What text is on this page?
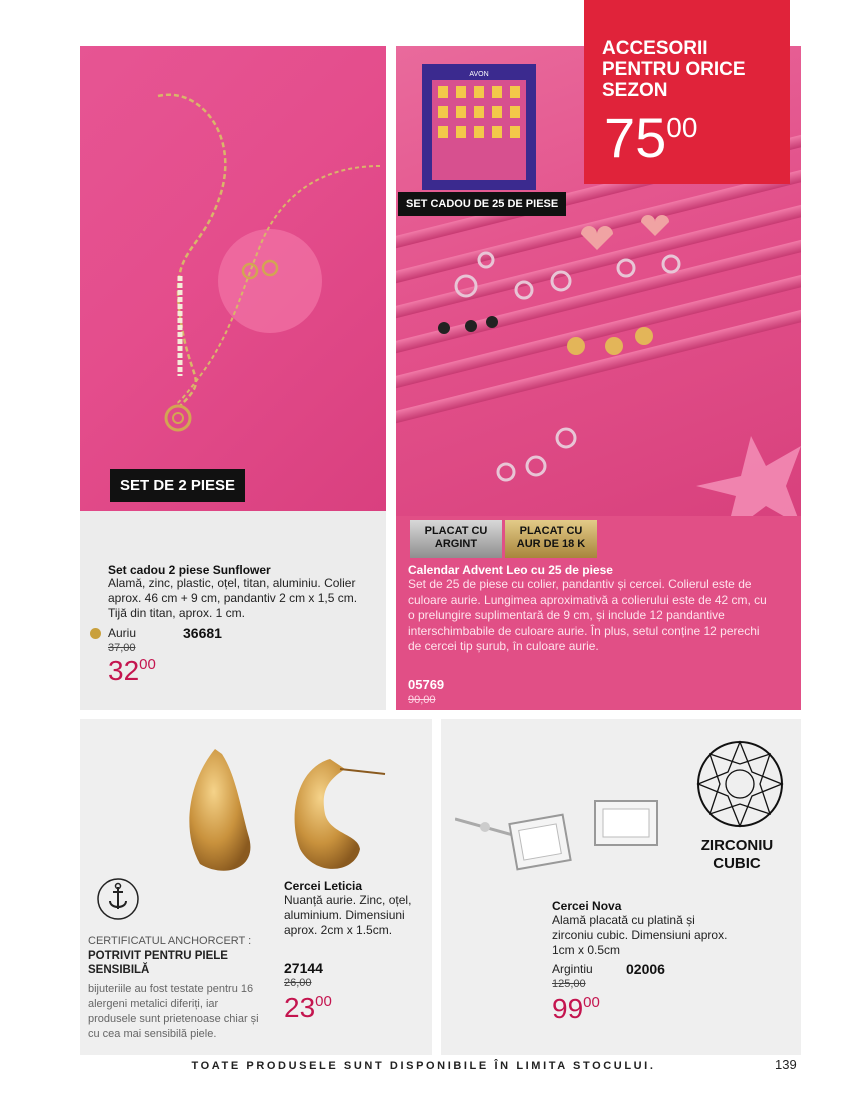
SET DE 2 PIESE
Set cadou 2 piese Sunflower
Alamă, zinc, plastic, oțel, titan, aluminiu. Colier aprox. 46 cm + 9 cm, pandantiv 2 cm x 1,5 cm. Tijă din titan, aprox. 1 cm.
Auriu	36681
37,00
$32^{00}$
AVON
SET CADOU DE 25 DE PIESE
PLACAT CU ARGINT
PLACAT CU AUR DE 18 K
Calendar Advent Leo cu 25 de piese
Set de 25 de piese cu colier, pandantiv și cercei. Colierul este de culoare aurie. Lungimea aproximativă a colierului este de 42 cm, cu o prelungire suplimentară de 9 cm, și include 12 pandantive interschimbabile de culoare aurie. În plus, setul conține 12 perechi de cercei tip șurub, în culoare aurie.
05769
90,00
ACCESORII PENTRU ORICE SEZON
$75^{00}$
CERTIFICATUL ANCHORCERT :
POTRIVIT PENTRU PIELE SENSIBILĂ
bijuteriile au fost testate pentru 16 alergeni metalici diferiți, iar produsele sunt prietenoase chiar și cu cea mai sensibilă piele.
Cercei Leticia
Nuanță aurie. Zinc, oțel, aluminium. Dimensiuni aprox. 2cm x 1.5cm.
27144
26,00
$23^{00}$
ZIRCONIU CUBIC
Cercei Nova
Alamă placată cu platină și zirconiu cubic. Dimensiuni aprox. 1cm x 0.5cm
Argintiu 02006
125,00
$99^{00}$
TOATE PRODUSELE SUNT DISPONIBILE ÎN LIMITA STOCULUI.	139
